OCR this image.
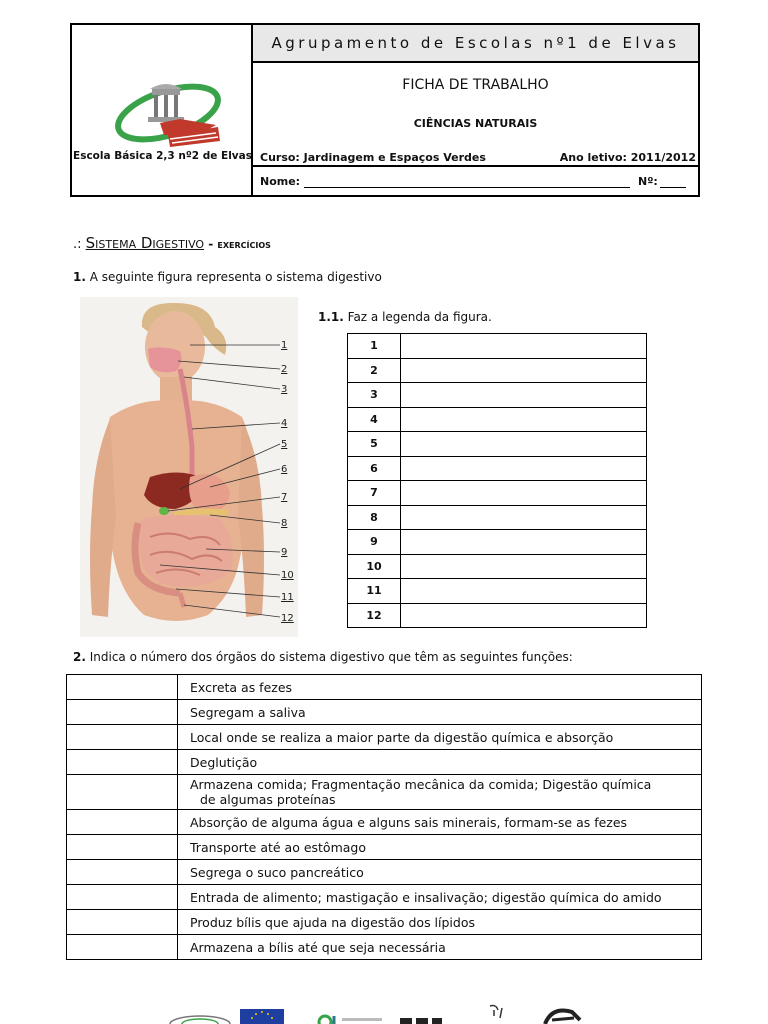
Escola Básica 2,3 nº2 de Elvas
Agrupamento de Escolas nº1 de Elvas
FICHA DE TRABALHO
CIÊNCIAS NATURAIS
Curso: Jardinagem e Espaços Verdes	Ano letivo: 2011/2012
Nome:	Nº:
.: Sistema Digestivo - exercícios
1. A seguinte figura representa o sistema digestivo
1
2
3
4
5
6
7
8
9
10
11
12
1.1. Faz a legenda da figura.
1	
2	
3	
4	
5	
6	
7	
8	
9	
10	
11	
12	
2. Indica o número dos órgãos do sistema digestivo que têm as seguintes funções:
	Excreta as fezes
	Segregam a saliva
	Local onde se realiza a maior parte da digestão química e absorção
	Deglutição
	Armazena comida; Fragmentação mecânica da comida; Digestão química
de algumas proteínas
	Absorção de alguma água e alguns sais minerais, formam-se as fezes
	Transporte até ao estômago
	Segrega o suco pancreático
	Entrada de alimento; mastigação e insalivação; digestão química do amido
	Produz bílis que ajuda na digestão dos lípidos
	Armazena a bílis até que seja necessária
